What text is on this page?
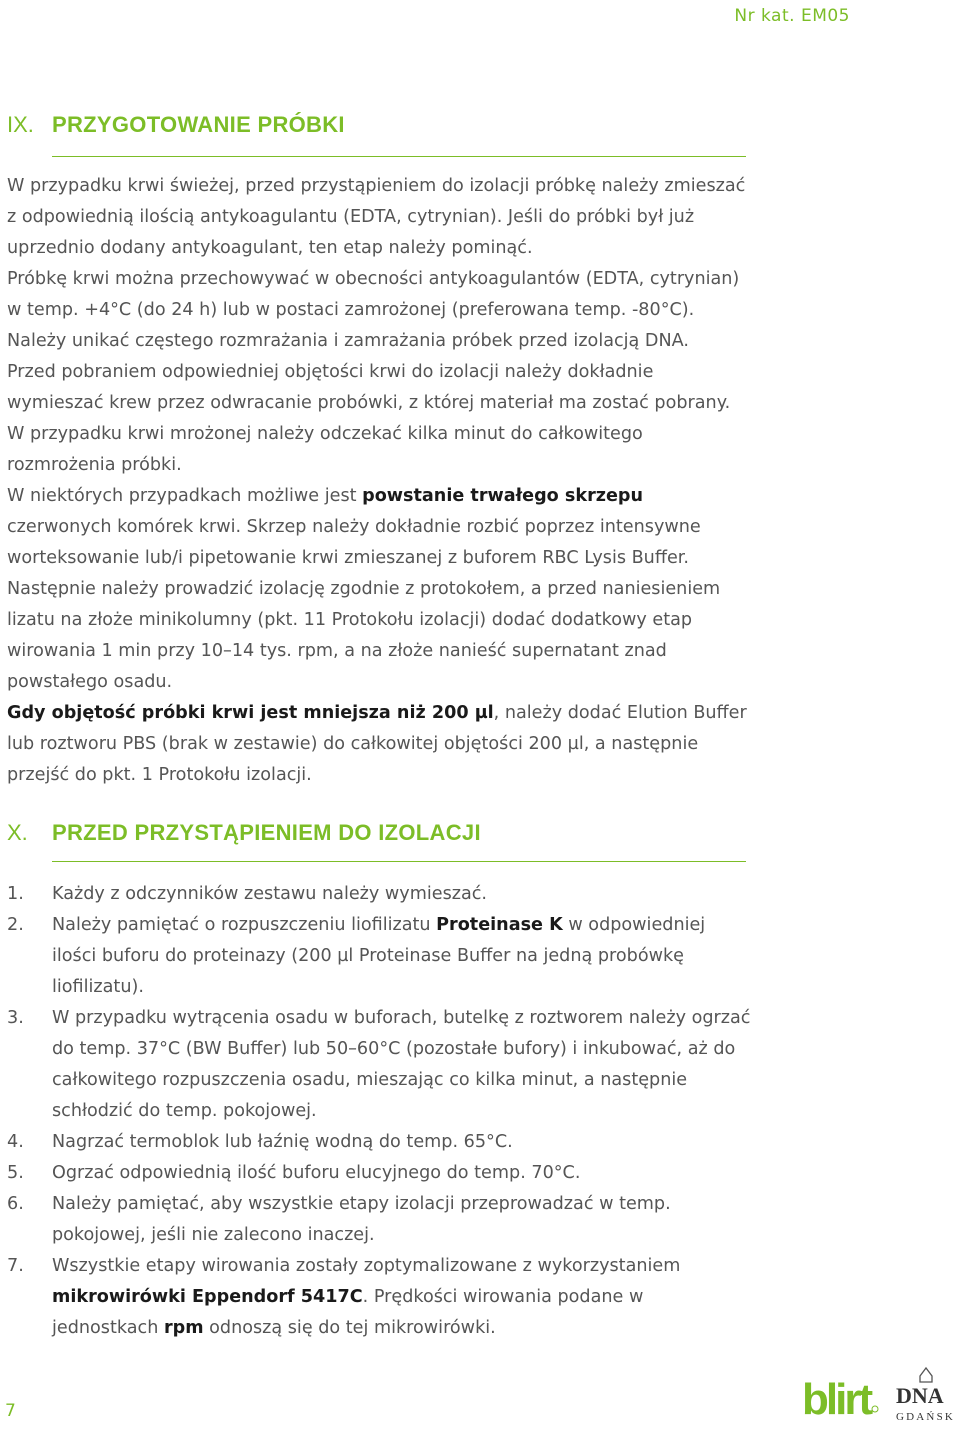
Nr kat. EM05
IX. PRZYGOTOWANIE PRÓBKI

W przypadku krwi świeżej, przed przystąpieniem do izolacji próbkę należy zmieszać z odpowiednią ilością antykoagulantu (EDTA, cytrynian). Jeśli do próbki był już uprzednio dodany antykoagulant, ten etap należy pominąć.

Próbkę krwi można przechowywać w obecności antykoagulantów (EDTA, cytrynian) w temp. +4°C (do 24 h) lub w postaci zamrożonej (preferowana temp. -80°C).

Należy unikać częstego rozmrażania i zamrażania próbek przed izolacją DNA.

Przed pobraniem odpowiedniej objętości krwi do izolacji należy dokładnie wymieszać krew przez odwracanie probówki, z której materiał ma zostać pobrany.

W przypadku krwi mrożonej należy odczekać kilka minut do całkowitego rozmrożenia próbki.

W niektórych przypadkach możliwe jest powstanie trwałego skrzepu czerwonych komórek krwi. Skrzep należy dokładnie rozbić poprzez intensywne worteksowanie lub/i pipetowanie krwi zmieszanej z buforem RBC Lysis Buffer. Następnie należy prowadzić izolację zgodnie z protokołem, a przed naniesieniem lizatu na złoże minikolumny (pkt. 11 Protokołu izolacji) dodać dodatkowy etap wirowania 1 min przy 10–14 tys. rpm, a na złoże nanieść supernatant znad powstałego osadu.

Gdy objętość próbki krwi jest mniejsza niż 200 µl, należy dodać Elution Buffer lub roztworu PBS (brak w zestawie) do całkowitej objętości 200 µl, a następnie przejść do pkt. 1 Protokołu izolacji.

X. PRZED PRZYSTĄPIENIEM DO IZOLACJI
1. Każdy z odczynników zestawu należy wymieszać.
2. Należy pamiętać o rozpuszczeniu liofilizatu Proteinase K w odpowiedniej ilości buforu do proteinazy (200 µl Proteinase Buffer na jedną probówkę liofilizatu).
3. W przypadku wytrącenia osadu w buforach, butelkę z roztworem należy ogrzać do temp. 37°C (BW Buffer) lub 50–60°C (pozostałe bufory) i inkubować, aż do całkowitego rozpuszczenia osadu, mieszając co kilka minut, a następnie schłodzić do temp. pokojowej.
4. Nagrzać termoblok lub łaźnię wodną do temp. 65°C.
5. Ogrzać odpowiednią ilość buforu elucyjnego do temp. 70°C.
6. Należy pamiętać, aby wszystkie etapy izolacji przeprowadzać w temp. pokojowej, jeśli nie zalecono inaczej.
7. Wszystkie etapy wirowania zostały zoptymalizowane z wykorzystaniem mikrowirówki Eppendorf 5417C. Prędkości wirowania podane w jednostkach rpm odnoszą się do tej mikrowirówki.
7	blirt DNA
GDAŃSK
